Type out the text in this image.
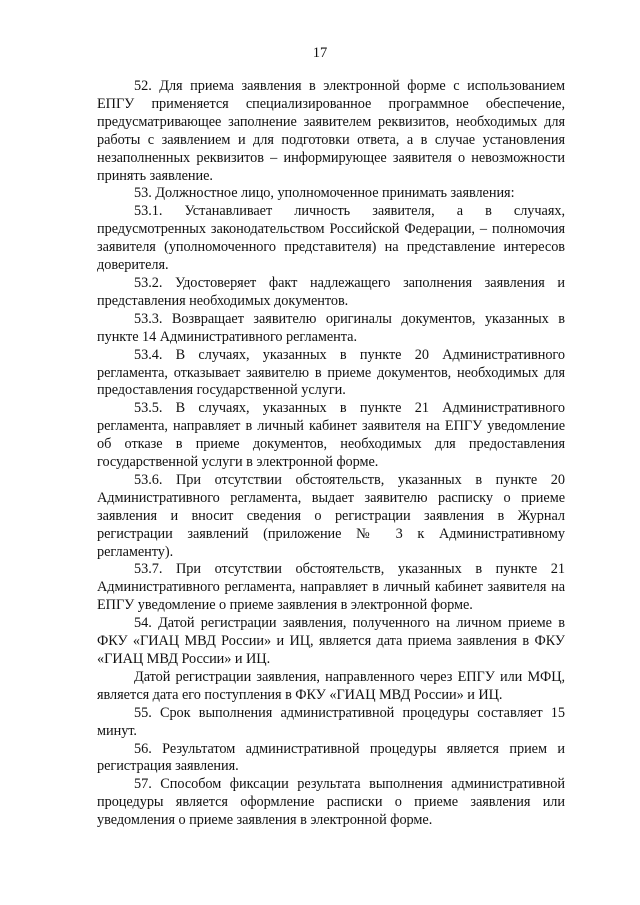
17

52. Для приема заявления в электронной форме с использованием ЕПГУ применяется специализированное программное обеспечение, предусматривающее заполнение заявителем реквизитов, необходимых для работы с заявлением и для подготовки ответа, а в случае установления незаполненных реквизитов – информирующее заявителя о невозможности принять заявление.

53. Должностное лицо, уполномоченное принимать заявления:

53.1. Устанавливает личность заявителя, а в случаях, предусмотренных законодательством Российской Федерации, – полномочия заявителя (уполномоченного представителя) на представление интересов доверителя.

53.2. Удостоверяет факт надлежащего заполнения заявления и представления необходимых документов.

53.3. Возвращает заявителю оригиналы документов, указанных в пункте 14 Административного регламента.

53.4. В случаях, указанных в пункте 20 Административного регламента, отказывает заявителю в приеме документов, необходимых для предоставления государственной услуги.

53.5. В случаях, указанных в пункте 21 Административного регламента, направляет в личный кабинет заявителя на ЕПГУ уведомление об отказе в приеме документов, необходимых для предоставления государственной услуги в электронной форме.

53.6. При отсутствии обстоятельств, указанных в пункте 20 Административного регламента, выдает заявителю расписку о приеме заявления и вносит сведения о регистрации заявления в Журнал регистрации заявлений (приложение № 3 к Административному регламенту).

53.7. При отсутствии обстоятельств, указанных в пункте 21 Административного регламента, направляет в личный кабинет заявителя на ЕПГУ уведомление о приеме заявления в электронной форме.

54. Датой регистрации заявления, полученного на личном приеме в ФКУ «ГИАЦ МВД России» и ИЦ, является дата приема заявления в ФКУ «ГИАЦ МВД России» и ИЦ.

Датой регистрации заявления, направленного через ЕПГУ или МФЦ, является дата его поступления в ФКУ «ГИАЦ МВД России» и ИЦ.

55. Срок выполнения административной процедуры составляет 15 минут.

56. Результатом административной процедуры является прием и регистрация заявления.

57. Способом фиксации результата выполнения административной процедуры является оформление расписки о приеме заявления или уведомления о приеме заявления в электронной форме.
